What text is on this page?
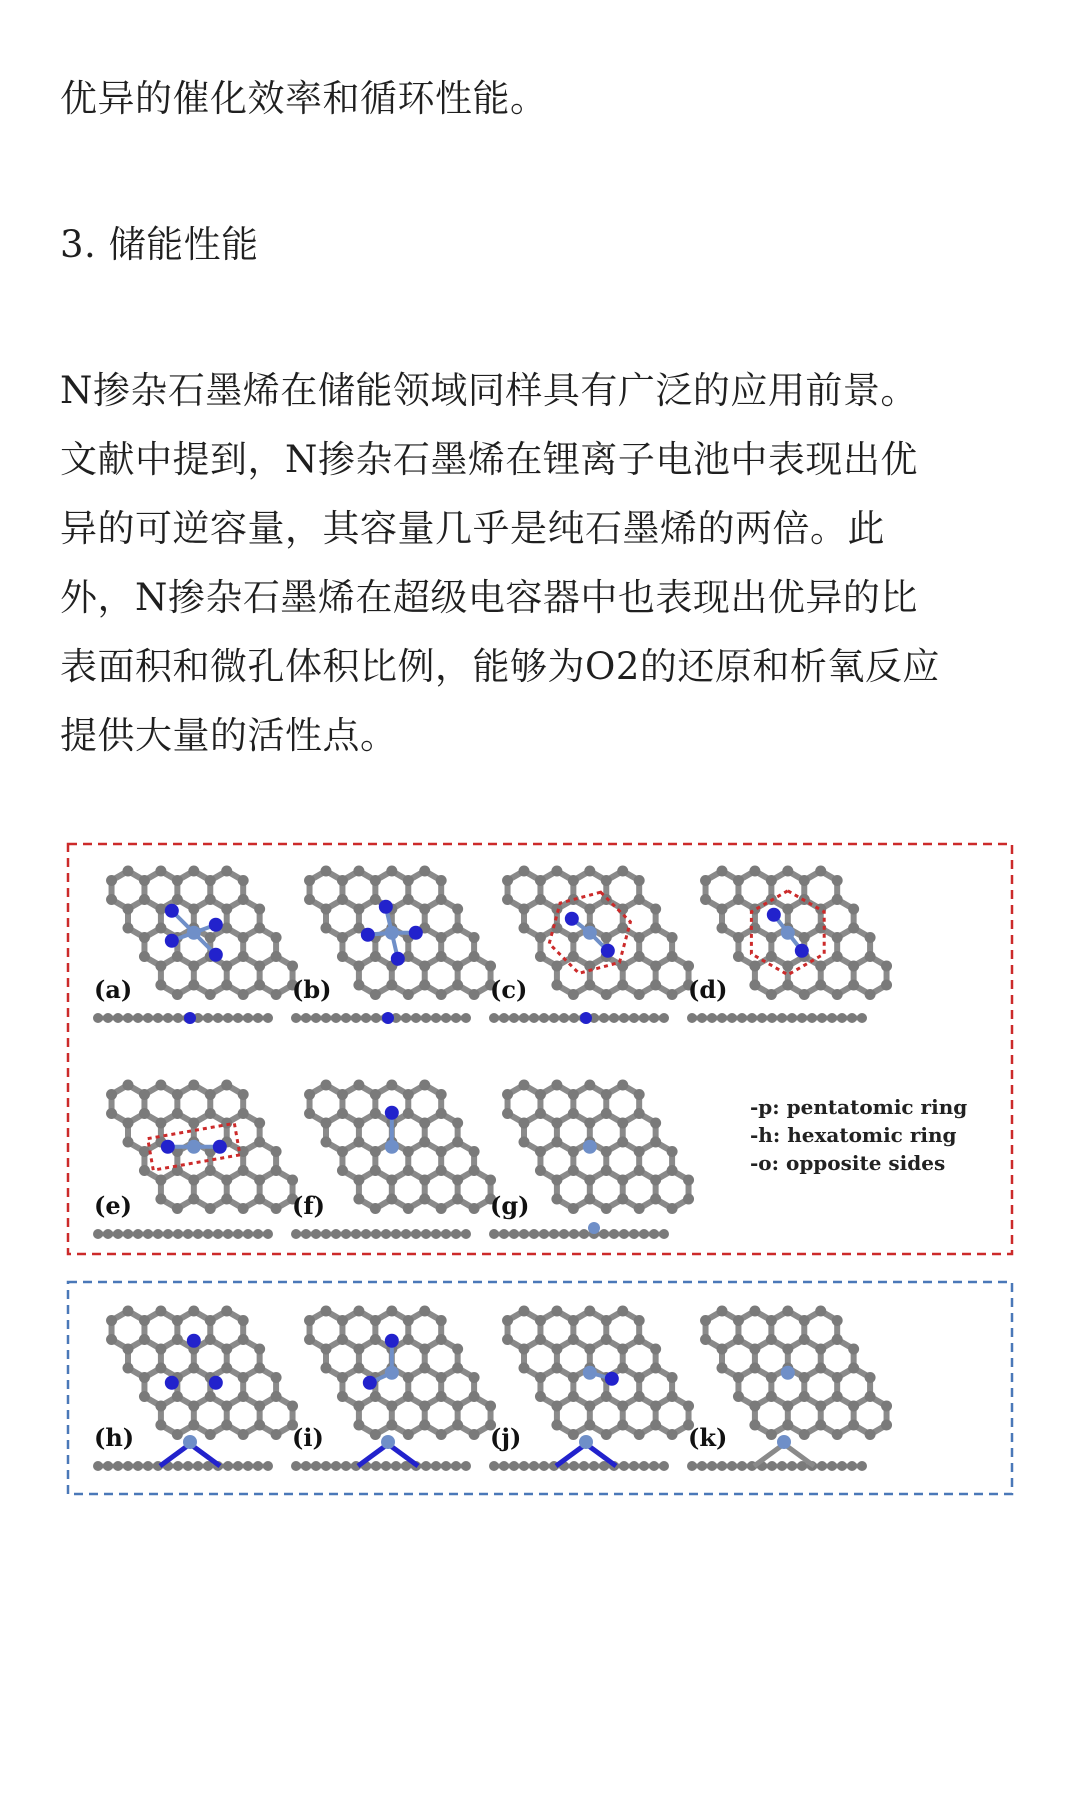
优异的催化效率和循环性能。

3. 储能性能

N掺杂石墨烯在储能领域同样具有广泛的应用前景。
文献中提到，N掺杂石墨烯在锂离子电池中表现出优
异的可逆容量，其容量几乎是纯石墨烯的两倍。此
外，N掺杂石墨烯在超级电容器中也表现出优异的比
表面积和微孔体积比例，能够为O2的还原和析氧反应
提供大量的活性点。

(a)	(b)	(c)	(d)
(e)	(f)	(g)
(h)	(i)	(j)	(k)
-p: pentatomic ring
-h: hexatomic ring
-o: opposite sides
